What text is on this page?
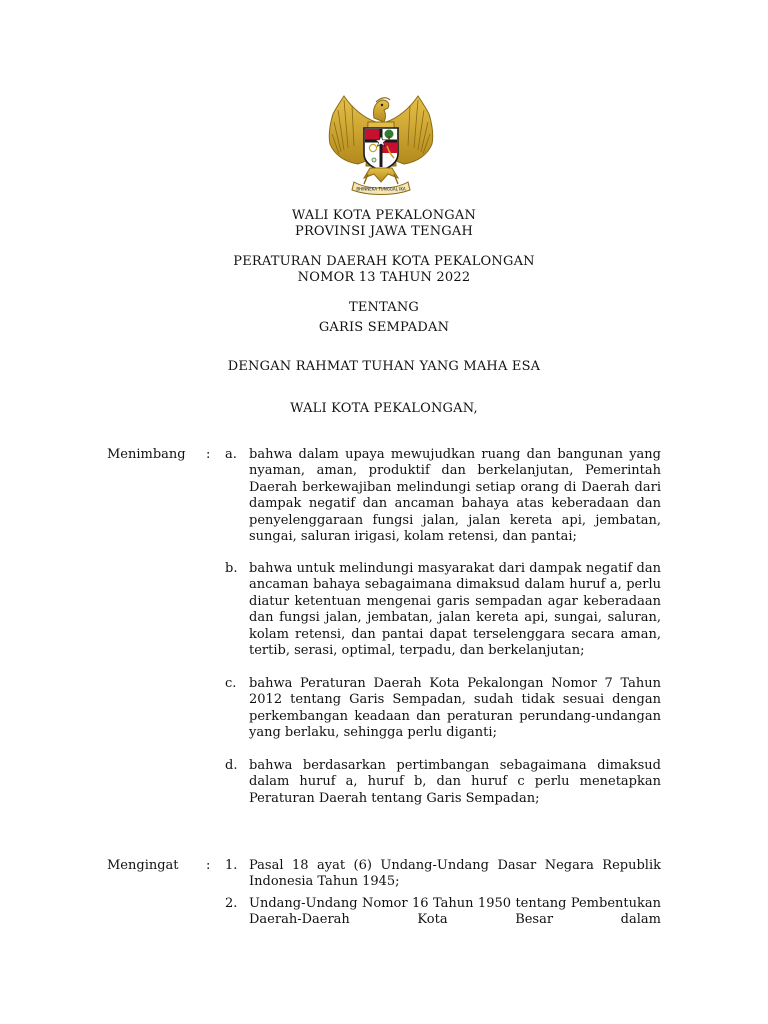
BHINNEKA TUNGGAL IKA
WALI KOTA PEKALONGAN
PROVINSI JAWA TENGAH
PERATURAN DAERAH KOTA PEKALONGAN
NOMOR 13 TAHUN 2022
TENTANG
GARIS SEMPADAN
DENGAN RAHMAT TUHAN YANG MAHA ESA
WALI KOTA PEKALONGAN,
Menimbang : a. bahwa dalam upaya mewujudkan ruang dan bangunan yang nyaman, aman, produktif dan berkelanjutan, Pemerintah Daerah berkewajiban melindungi setiap orang di Daerah dari dampak negatif dan ancaman bahaya atas keberadaan dan penyelenggaraan fungsi jalan, jalan kereta api, jembatan, sungai, saluran irigasi, kolam retensi, dan pantai;

b. bahwa untuk melindungi masyarakat dari dampak negatif dan ancaman bahaya sebagaimana dimaksud dalam huruf a, perlu diatur ketentuan mengenai garis sempadan agar keberadaan dan fungsi jalan, jembatan, jalan kereta api, sungai, saluran, kolam retensi, dan pantai dapat terselenggara secara aman, tertib, serasi, optimal, terpadu, dan berkelanjutan;

c. bahwa Peraturan Daerah Kota Pekalongan Nomor 7 Tahun 2012 tentang Garis Sempadan, sudah tidak sesuai dengan perkembangan keadaan dan peraturan perundang-undangan yang berlaku, sehingga perlu diganti;

d. bahwa berdasarkan pertimbangan sebagaimana dimaksud dalam huruf a, huruf b, dan huruf c perlu menetapkan Peraturan Daerah tentang Garis Sempadan;

Mengingat : 1. Pasal 18 ayat (6) Undang-Undang Dasar Negara Republik Indonesia Tahun 1945;

2. Undang-Undang Nomor 16 Tahun 1950 tentang Pembentukan Daerah-Daerah Kota Besar dalam
